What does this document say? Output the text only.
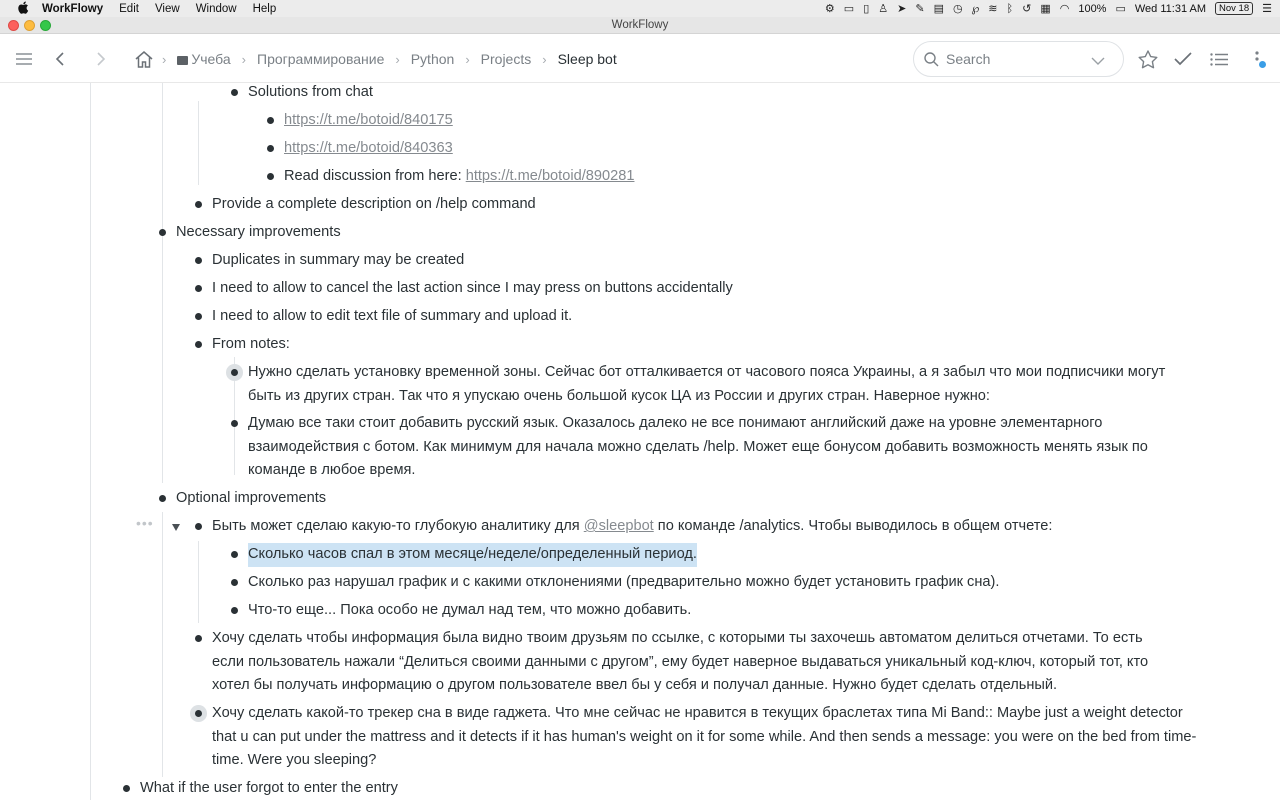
WorkFlowy Edit View Window Help	⚙ ▭ ▯ ♙ ➤ ✎ ▤ ◷ ℘ ≋ ᛒ ↺ ▦ ◠ 100% ▭ Wed 11:31 AM	Nov 18	☰
WorkFlowy
›	Учеба › Программирование › Python › Projects › Sleep bot	Search
Solutions from chat
https://t.me/botoid/840175
https://t.me/botoid/840363
Read discussion from here: https://t.me/botoid/890281
Provide a complete description on /help command
Necessary improvements
Duplicates in summary may be created
I need to allow to cancel the last action since I may press on buttons accidentally
I need to allow to edit text file of summary and upload it.
From notes:
Нужно сделать установку временной зоны. Сейчас бот отталкивается от часового пояса Украины, а я забыл что мои подписчики могут быть из других стран. Так что я упускаю очень большой кусок ЦА из России и других стран. Наверное нужно:
Думаю все таки стоит добавить русский язык. Оказалось далеко не все понимают английский даже на уровне элементарного взаимодействия с ботом. Как минимум для начала можно сделать /help. Может еще бонусом добавить возможность менять язык по команде в любое время.
Optional improvements
•••	Быть может сделаю какую-то глубокую аналитику для @sleepbot по команде /analytics. Чтобы выводилось в общем отчете:
Сколько часов спал в этом месяце/неделе/определенный период.
Сколько раз нарушал график и с какими отклонениями (предварительно можно будет установить график сна).
Что-то еще... Пока особо не думал над тем, что можно добавить.
Хочу сделать чтобы информация была видно твоим друзьям по ссылке, с которыми ты захочешь автоматом делиться отчетами. То есть если пользователь нажали “Делиться своими данными с другом”, ему будет наверное выдаваться уникальный код-ключ, который тот, кто хотел бы получать информацию о другом пользователе ввел бы у себя и получал данные. Нужно будет сделать отдельный.
Хочу сделать какой-то трекер сна в виде гаджета. Что мне сейчас не нравится в текущих браслетах типа Mi Band:: Maybe just a weight detector that u can put under the mattress and it detects if it has human's weight on it for some while. And then sends a message: you were on the bed from time-time. Were you sleeping?
What if the user forgot to enter the entry
